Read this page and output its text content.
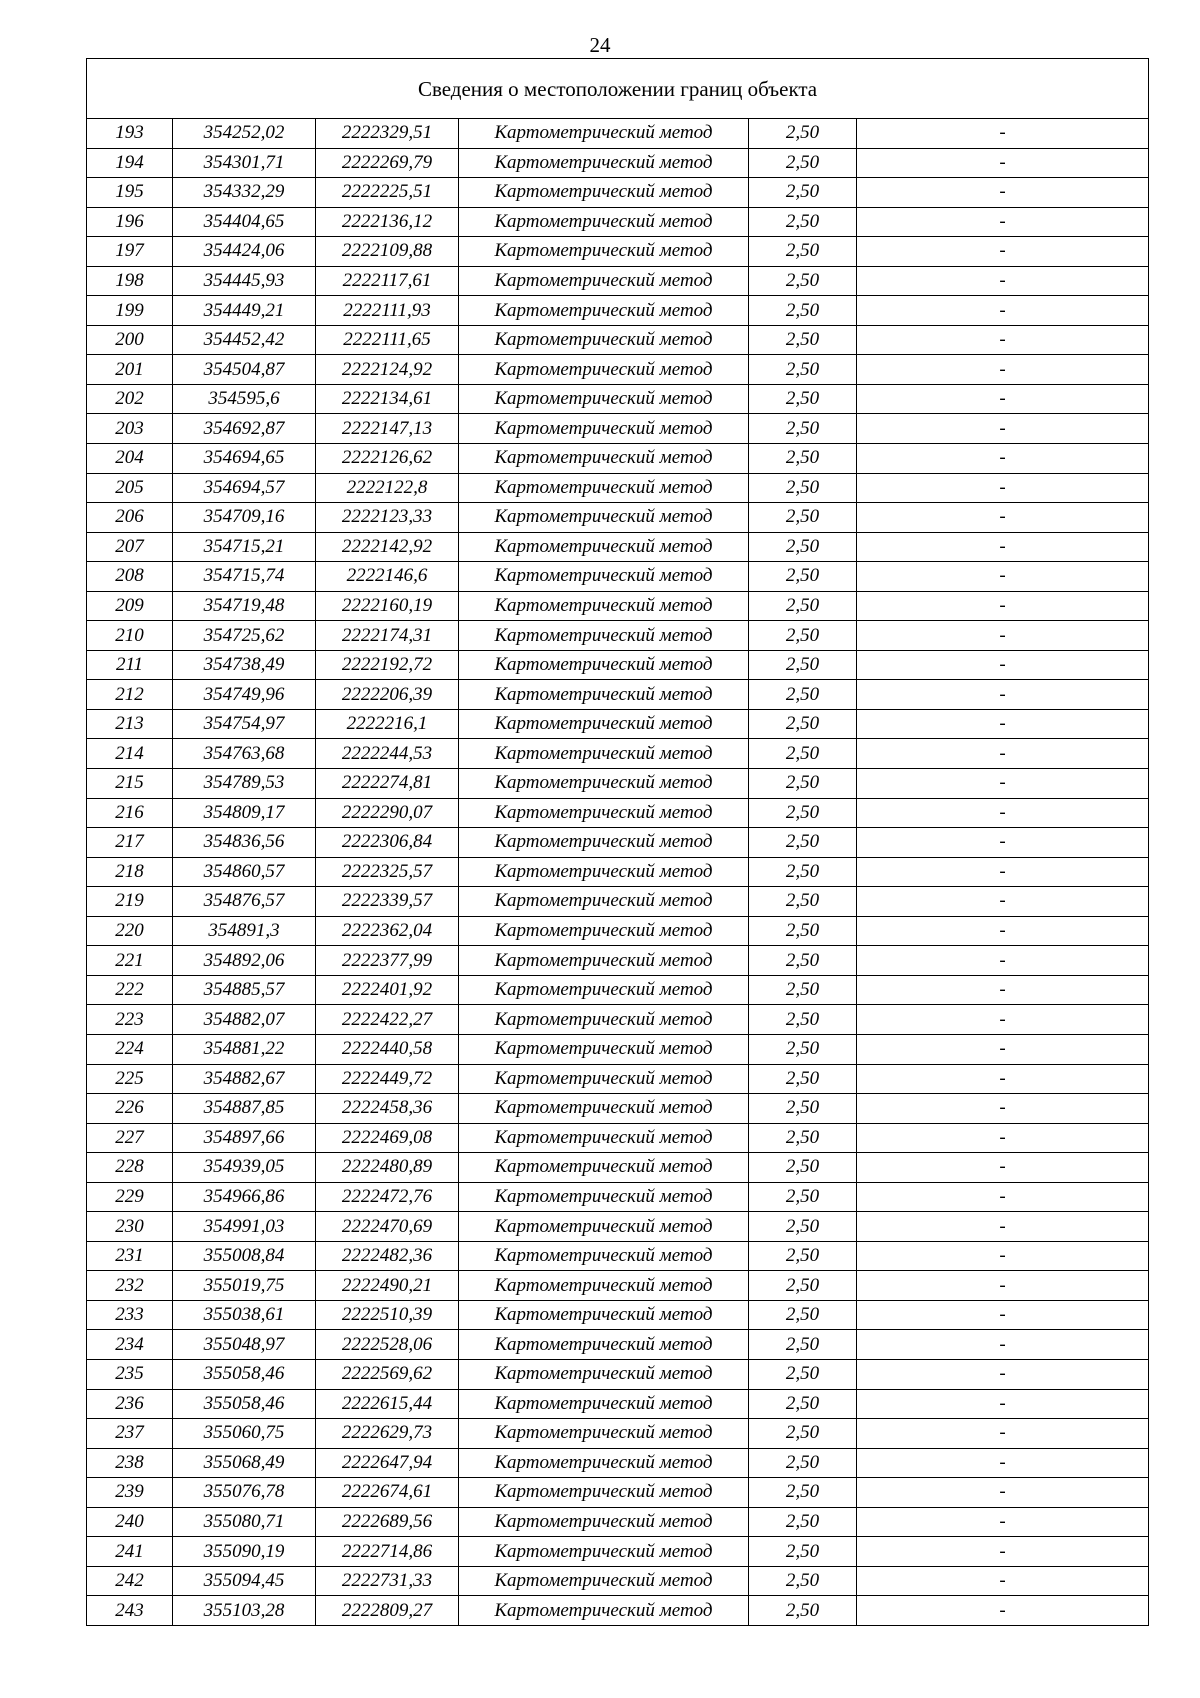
24
Сведения о местоположении границ объекта					
193	354252,02	2222329,51	Картометрический метод	2,50	-
194	354301,71	2222269,79	Картометрический метод	2,50	-
195	354332,29	2222225,51	Картометрический метод	2,50	-
196	354404,65	2222136,12	Картометрический метод	2,50	-
197	354424,06	2222109,88	Картометрический метод	2,50	-
198	354445,93	2222117,61	Картометрический метод	2,50	-
199	354449,21	2222111,93	Картометрический метод	2,50	-
200	354452,42	2222111,65	Картометрический метод	2,50	-
201	354504,87	2222124,92	Картометрический метод	2,50	-
202	354595,6	2222134,61	Картометрический метод	2,50	-
203	354692,87	2222147,13	Картометрический метод	2,50	-
204	354694,65	2222126,62	Картометрический метод	2,50	-
205	354694,57	2222122,8	Картометрический метод	2,50	-
206	354709,16	2222123,33	Картометрический метод	2,50	-
207	354715,21	2222142,92	Картометрический метод	2,50	-
208	354715,74	2222146,6	Картометрический метод	2,50	-
209	354719,48	2222160,19	Картометрический метод	2,50	-
210	354725,62	2222174,31	Картометрический метод	2,50	-
211	354738,49	2222192,72	Картометрический метод	2,50	-
212	354749,96	2222206,39	Картометрический метод	2,50	-
213	354754,97	2222216,1	Картометрический метод	2,50	-
214	354763,68	2222244,53	Картометрический метод	2,50	-
215	354789,53	2222274,81	Картометрический метод	2,50	-
216	354809,17	2222290,07	Картометрический метод	2,50	-
217	354836,56	2222306,84	Картометрический метод	2,50	-
218	354860,57	2222325,57	Картометрический метод	2,50	-
219	354876,57	2222339,57	Картометрический метод	2,50	-
220	354891,3	2222362,04	Картометрический метод	2,50	-
221	354892,06	2222377,99	Картометрический метод	2,50	-
222	354885,57	2222401,92	Картометрический метод	2,50	-
223	354882,07	2222422,27	Картометрический метод	2,50	-
224	354881,22	2222440,58	Картометрический метод	2,50	-
225	354882,67	2222449,72	Картометрический метод	2,50	-
226	354887,85	2222458,36	Картометрический метод	2,50	-
227	354897,66	2222469,08	Картометрический метод	2,50	-
228	354939,05	2222480,89	Картометрический метод	2,50	-
229	354966,86	2222472,76	Картометрический метод	2,50	-
230	354991,03	2222470,69	Картометрический метод	2,50	-
231	355008,84	2222482,36	Картометрический метод	2,50	-
232	355019,75	2222490,21	Картометрический метод	2,50	-
233	355038,61	2222510,39	Картометрический метод	2,50	-
234	355048,97	2222528,06	Картометрический метод	2,50	-
235	355058,46	2222569,62	Картометрический метод	2,50	-
236	355058,46	2222615,44	Картометрический метод	2,50	-
237	355060,75	2222629,73	Картометрический метод	2,50	-
238	355068,49	2222647,94	Картометрический метод	2,50	-
239	355076,78	2222674,61	Картометрический метод	2,50	-
240	355080,71	2222689,56	Картометрический метод	2,50	-
241	355090,19	2222714,86	Картометрический метод	2,50	-
242	355094,45	2222731,33	Картометрический метод	2,50	-
243	355103,28	2222809,27	Картометрический метод	2,50	-
